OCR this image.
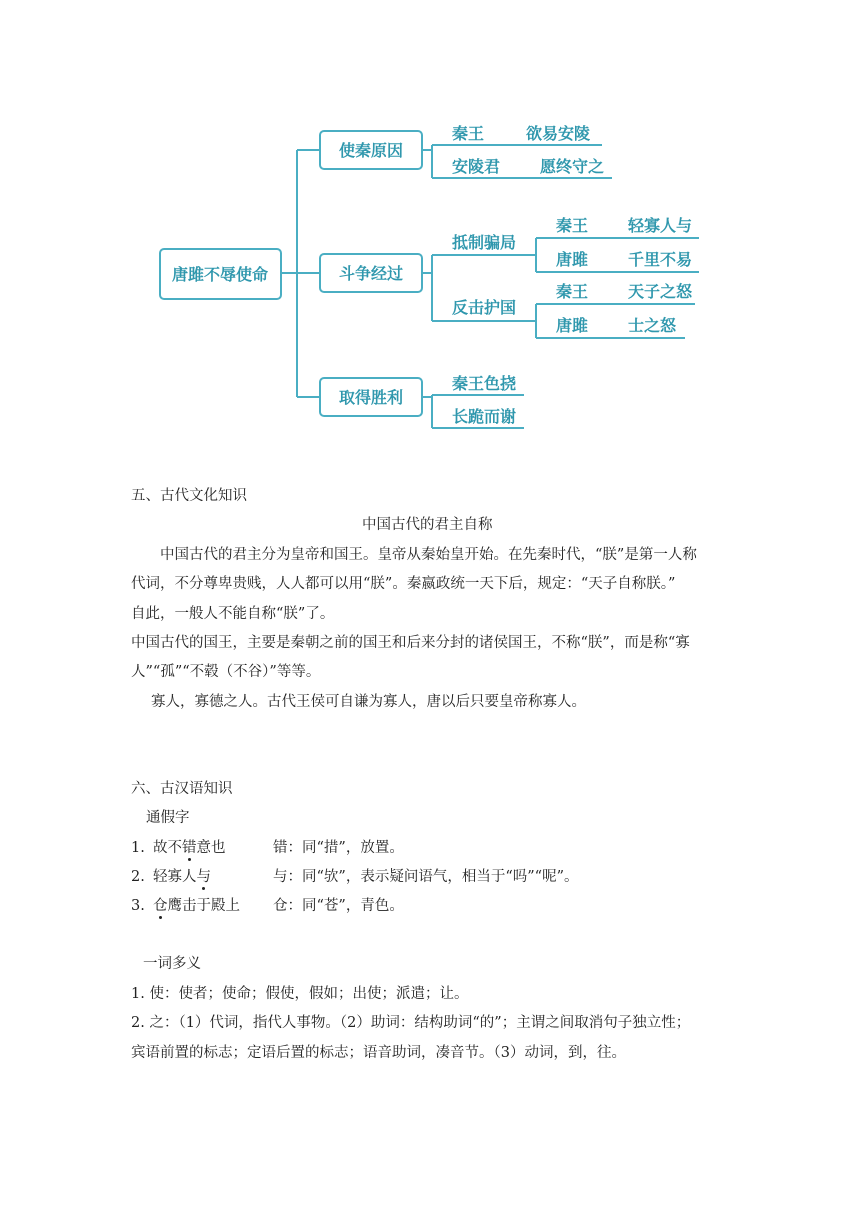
唐雎不辱使命
使秦原因
斗争经过
取得胜利
秦王	欲易安陵
安陵君 愿终守之
抵制骗局
反击护国
秦王 轻寡人与
唐雎 千里不易
秦王 天子之怒
唐雎 士之怒
秦王色挠
长跪而谢
五、古代文化知识
中国古代的君主自称
中国古代的君主分为皇帝和国王。皇帝从秦始皇开始。在先秦时代，“朕”是第一人称
代词，不分尊卑贵贱，人人都可以用“朕”。秦嬴政统一天下后，规定：“天子自称朕。”
自此，一般人不能自称“朕”了。
中国古代的国王，主要是秦朝之前的国王和后来分封的诸侯国王，不称“朕”，而是称“寡
人”“孤”“不毂（不谷）”等等。
寡人，寡德之人。古代王侯可自谦为寡人，唐以后只要皇帝称寡人。
六、古汉语知识
通假字
1. 故不错意也	错：同“措”，放置。
2. 轻寡人与	与：同“欤”，表示疑问语气，相当于“吗”“呢”。
3. 仓鹰击于殿上 仓：同“苍”，青色。
一词多义
1. 使：使者；使命；假使，假如；出使；派遣；让。
2. 之：（1）代词，指代人事物。（2）助词：结构助词“的”；主谓之间取消句子独立性；
宾语前置的标志；定语后置的标志；语音助词，凑音节。（3）动词，到，往。
